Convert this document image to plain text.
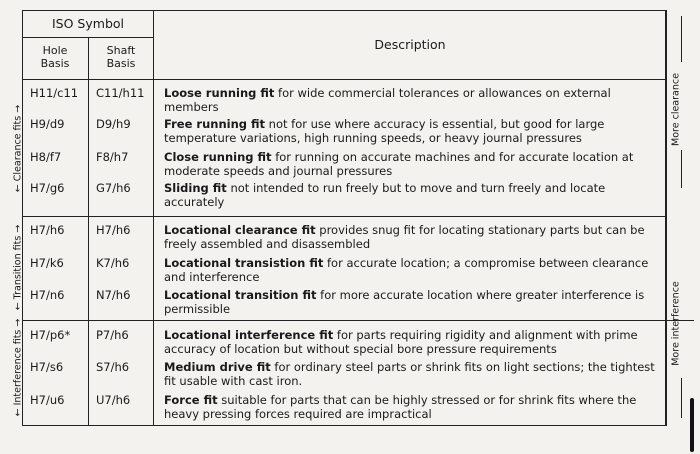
ISO Symbol
Hole
Basis
Shaft
Basis
Description
← Clearance fits →
← Transition fits →
← Interference fits →
More clearance
More interference
H11/c11 C11/h11 Loose running fit for wide commercial tolerances or allowances on external members
H9/d9	D9/h9	Free running fit not for use where accuracy is essential, but good for large temperature variations, high running speeds, or heavy journal pressures
H8/f7	F8/h7	Close running fit for running on accurate machines and for accurate location at moderate speeds and journal pressures
H7/g6	G7/h6	Sliding fit not intended to run freely but to move and turn freely and locate accurately
H7/h6	H7/h6	Locational clearance fit provides snug fit for locating stationary parts but can be freely assembled and disassembled
H7/k6	K7/h6	Locational transistion fit for accurate location; a compromise between clearance and interference
H7/n6	N7/h6	Locational transition fit for more accurate location where greater interference is permissible
H7/p6* P7/h6	Locational interference fit for parts requiring rigidity and alignment with prime accuracy of location but without special bore pressure requirements
H7/s6	S7/h6	Medium drive fit for ordinary steel parts or shrink fits on light sections; the tightest fit usable with cast iron.
H7/u6	U7/h6	Force fit suitable for parts that can be highly stressed or for shrink fits where the heavy pressing forces required are impractical
